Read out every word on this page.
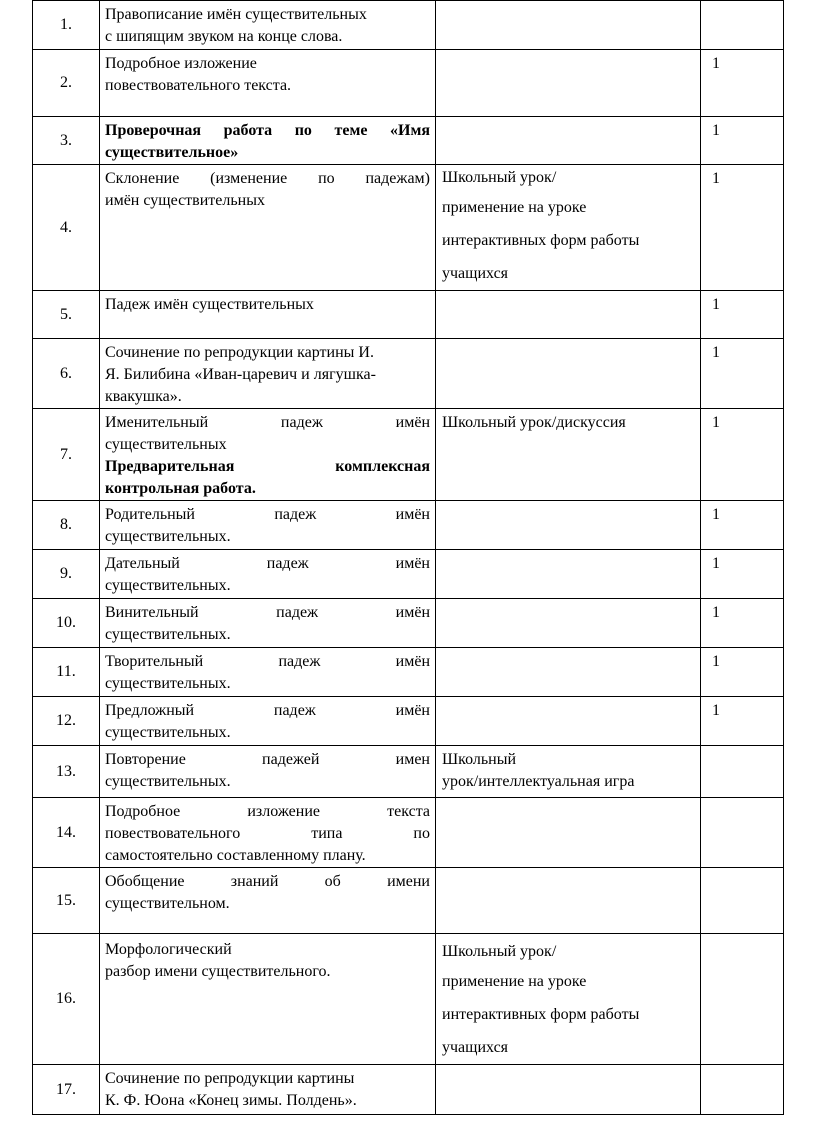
1.	Правописание имён существительных
с шипящим звуком на конце слова.		

2.	Подробное изложение
повествовательного текста.		1
3.	Проверочная работа по теме «Имя
существительное»		1
4.	Склонение (изменение по падежам)
имён существительных	Школьный урок/
применение на уроке
интерактивных форм работы
учащихся	1
5.	Падеж имён существительных		1
6.	Сочинение по репродукции картины И.
Я. Билибина «Иван-царевич и лягушка-
квакушка».		1
7.	Именительный падеж имён
существительных
Предварительная комплексная
контрольная работа.	Школьный урок/дискуссия	1
8.	Родительный падеж имён
существительных.		1
9.	Дательный падеж имён
существительных.		1
10.	Винительный падеж имён
существительных.		1
11.	Творительный падеж имён
существительных.		1
12.	Предложный падеж имён
существительных.		1
13.	Повторение падежей имен
существительных.	Школьный
урок/интеллектуальная игра	

14.	Подробное изложение текста
повествовательного типа по
самостоятельно составленному плану.		

15.	Обобщение знаний об имени
существительном.		

16.	Морфологический
разбор имени существительного.	Школьный урок/
применение на уроке
интерактивных форм работы
учащихся	

17.	Сочинение по репродукции картины
К. Ф. Юона «Конец зимы. Полдень».		
